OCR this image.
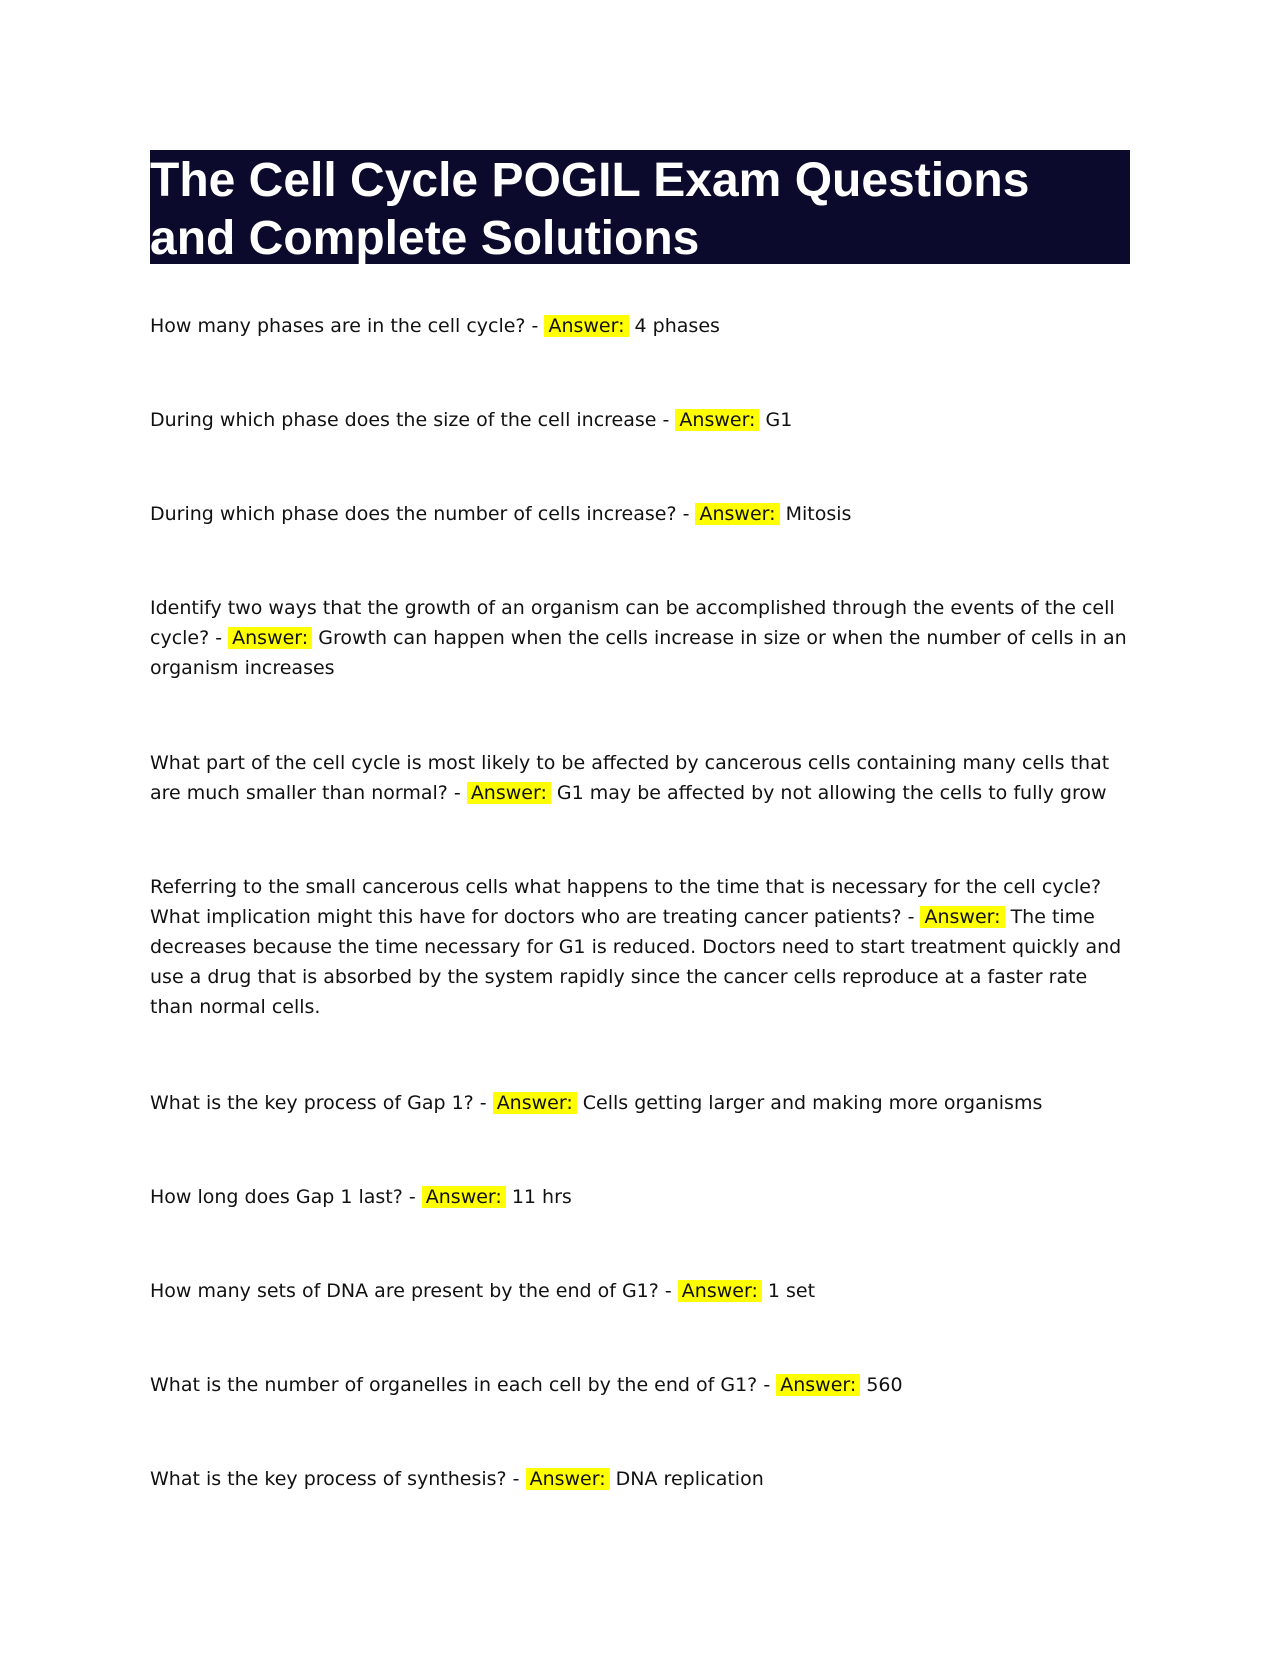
The Cell Cycle POGIL Exam Questions
and Complete Solutions

How many phases are in the cell cycle? - Answer: 4 phases

During which phase does the size of the cell increase - Answer: G1

During which phase does the number of cells increase? - Answer: Mitosis

Identify two ways that the growth of an organism can be accomplished through the events of the cell cycle? - Answer: Growth can happen when the cells increase in size or when the number of cells in an organism increases

What part of the cell cycle is most likely to be affected by cancerous cells containing many cells that are much smaller than normal? - Answer: G1 may be affected by not allowing the cells to fully grow

Referring to the small cancerous cells what happens to the time that is necessary for the cell cycle? What implication might this have for doctors who are treating cancer patients? - Answer: The time decreases because the time necessary for G1 is reduced. Doctors need to start treatment quickly and use a drug that is absorbed by the system rapidly since the cancer cells reproduce at a faster rate than normal cells.

What is the key process of Gap 1? - Answer: Cells getting larger and making more organisms

How long does Gap 1 last? - Answer: 11 hrs

How many sets of DNA are present by the end of G1? - Answer: 1 set

What is the number of organelles in each cell by the end of G1? - Answer: 560

What is the key process of synthesis? - Answer: DNA replication
